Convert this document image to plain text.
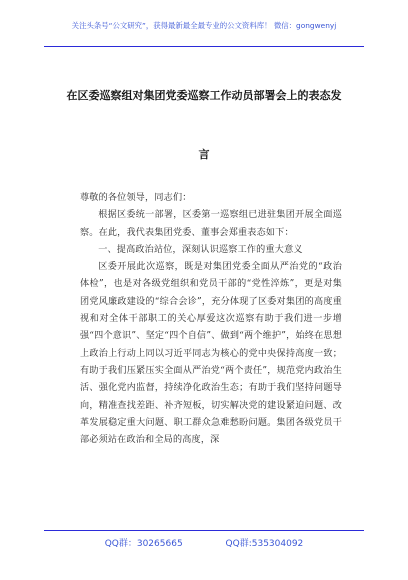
关注头条号“公文研究”，获得最新最全最专业的公文资料库！ 微信：gongwenyj
在区委巡察组对集团党委巡察工作动员部署会上的表态发
言

尊敬的各位领导，同志们：

根据区委统一部署，区委第一巡察组已进驻集团开展全面巡察。在此，我代表集团党委、董事会郑重表态如下：

一、提高政治站位，深刻认识巡察工作的重大意义

区委开展此次巡察，既是对集团党委全面从严治党的“政治体检”，也是对各级党组织和党员干部的“党性淬炼”，更是对集团党风廉政建设的“综合会诊”，充分体现了区委对集团的高度重视和对全体干部职工的关心厚爱这次巡察有助于我们进一步增强“四个意识”、坚定“四个自信”、做到“两个维护”，始终在思想上政治上行动上同以习近平同志为核心的党中央保持高度一致；有助于我们压紧压实全面从严治党“两个责任”，规范党内政治生活、强化党内监督，持续净化政治生态；有助于我们坚持问题导向，精准查找差距、补齐短板，切实解决党的建设紧迫问题、改革发展稳定重大问题、职工群众急难愁盼问题。集团各级党员干部必须站在政治和全局的高度，深

QQ群：30265665	QQ群:535304092
